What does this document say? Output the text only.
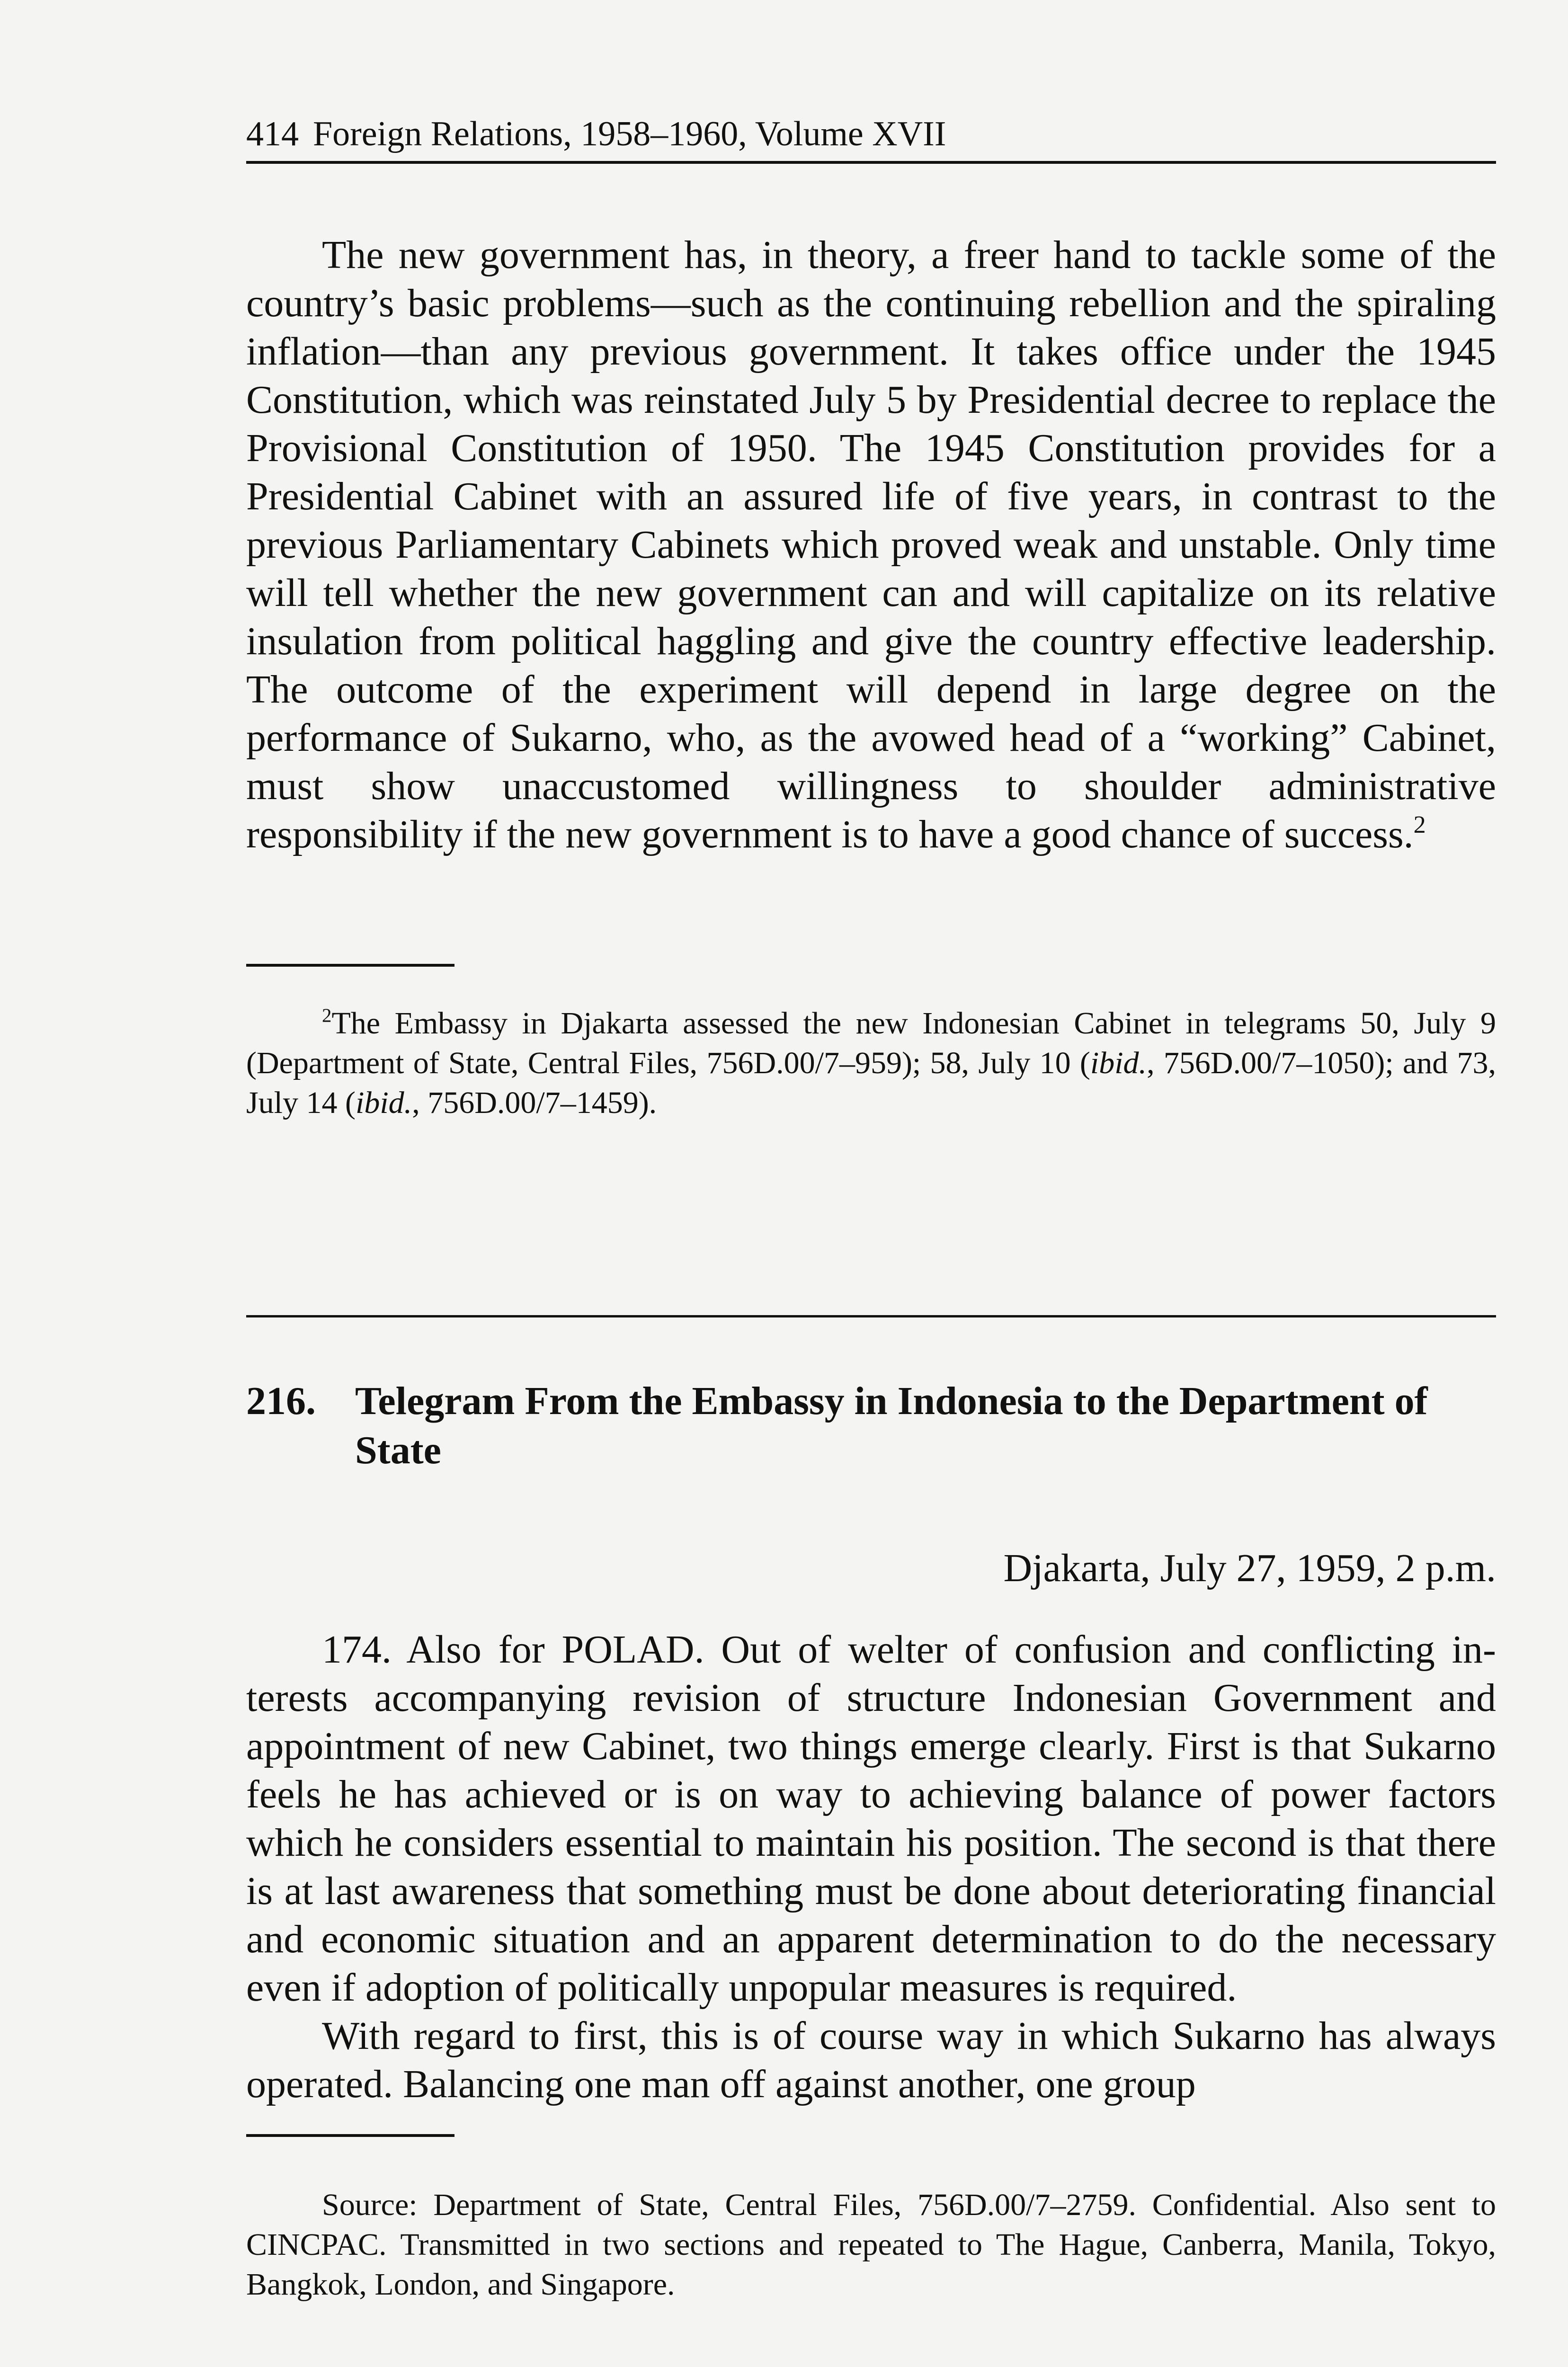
414 Foreign Relations, 1958–1960, Volume XVII

The new government has, in theory, a freer hand to tackle some of the country’s basic problems—such as the continuing rebellion and the spiraling inflation—than any previous government. It takes office under the 1945 Constitution, which was reinstated July 5 by Presidential decree to replace the Provisional Constitution of 1950. The 1945 Constitution provides for a Presidential Cabinet with an assured life of five years, in contrast to the previous Parliamentary Cabinets which proved weak and unstable. Only time will tell whether the new government can and will capitalize on its relative insulation from political haggling and give the country effective leadership. The outcome of the experiment will depend in large degree on the performance of Sukarno, who, as the avowed head of a “working” Cabinet, must show unaccustomed willingness to shoulder administrative responsibility if the new government is to have a good chance of success.$^2$

$^2$The Embassy in Djakarta assessed the new Indonesian Cabinet in telegrams 50, July 9 (Department of State, Central Files, 756D.00/7–959); 58, July 10 (ibid., 756D.00/7–1050); and 73, July 14 (ibid., 756D.00/7–1459).

216. Telegram From the Embassy in Indonesia to the Department of State
Djakarta, July 27, 1959, 2 p.m.

174. Also for POLAD. Out of welter of confusion and conflicting interests accompanying revision of structure Indonesian Government and appointment of new Cabinet, two things emerge clearly. First is that Sukarno feels he has achieved or is on way to achieving balance of power factors which he considers essential to maintain his position. The second is that there is at last awareness that something must be done about deteriorating financial and economic situation and an apparent determination to do the necessary even if adoption of politically unpopular measures is required.

With regard to first, this is of course way in which Sukarno has always operated. Balancing one man off against another, one group

Source: Department of State, Central Files, 756D.00/7–2759. Confidential. Also sent to CINCPAC. Transmitted in two sections and repeated to The Hague, Canberra, Manila, Tokyo, Bangkok, London, and Singapore.
